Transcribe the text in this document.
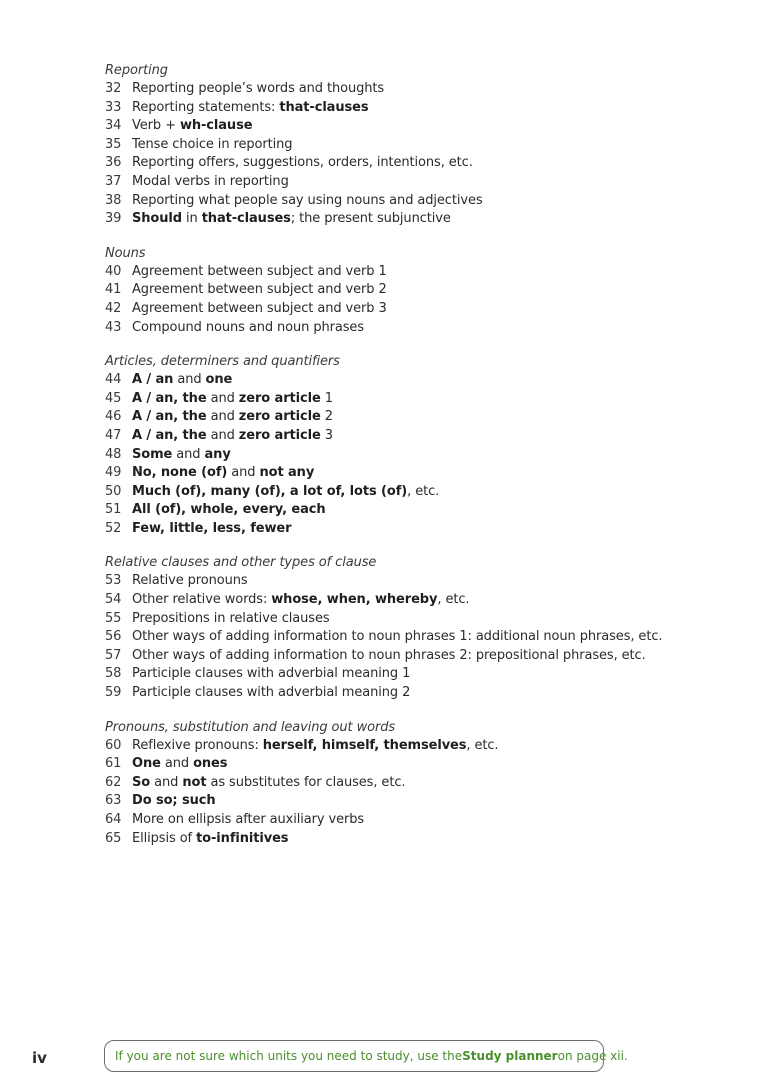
Reporting
32 Reporting people’s words and thoughts
33 Reporting statements: that-clauses
34 Verb + wh-clause
35 Tense choice in reporting
36 Reporting offers, suggestions, orders, intentions, etc.
37 Modal verbs in reporting
38 Reporting what people say using nouns and adjectives
39 Should in that-clauses; the present subjunctive
Nouns
40 Agreement between subject and verb 1
41 Agreement between subject and verb 2
42 Agreement between subject and verb 3
43 Compound nouns and noun phrases
Articles, determiners and quantifiers
44 A / an and one
45 A / an, the and zero article 1
46 A / an, the and zero article 2
47 A / an, the and zero article 3
48 Some and any
49 No, none (of) and not any
50 Much (of), many (of), a lot of, lots (of), etc.
51 All (of), whole, every, each
52 Few, little, less, fewer
Relative clauses and other types of clause
53 Relative pronouns
54 Other relative words: whose, when, whereby, etc.
55 Prepositions in relative clauses
56 Other ways of adding information to noun phrases 1: additional noun phrases, etc.
57 Other ways of adding information to noun phrases 2: prepositional phrases, etc.
58 Participle clauses with adverbial meaning 1
59 Participle clauses with adverbial meaning 2
Pronouns, substitution and leaving out words
60 Reflexive pronouns: herself, himself, themselves, etc.
61 One and ones
62 So and not as substitutes for clauses, etc.
63 Do so; such
64 More on ellipsis after auxiliary verbs
65 Ellipsis of to-infinitives
iv	If you are not sure which units you need to study, use the Study planner on page xii.
